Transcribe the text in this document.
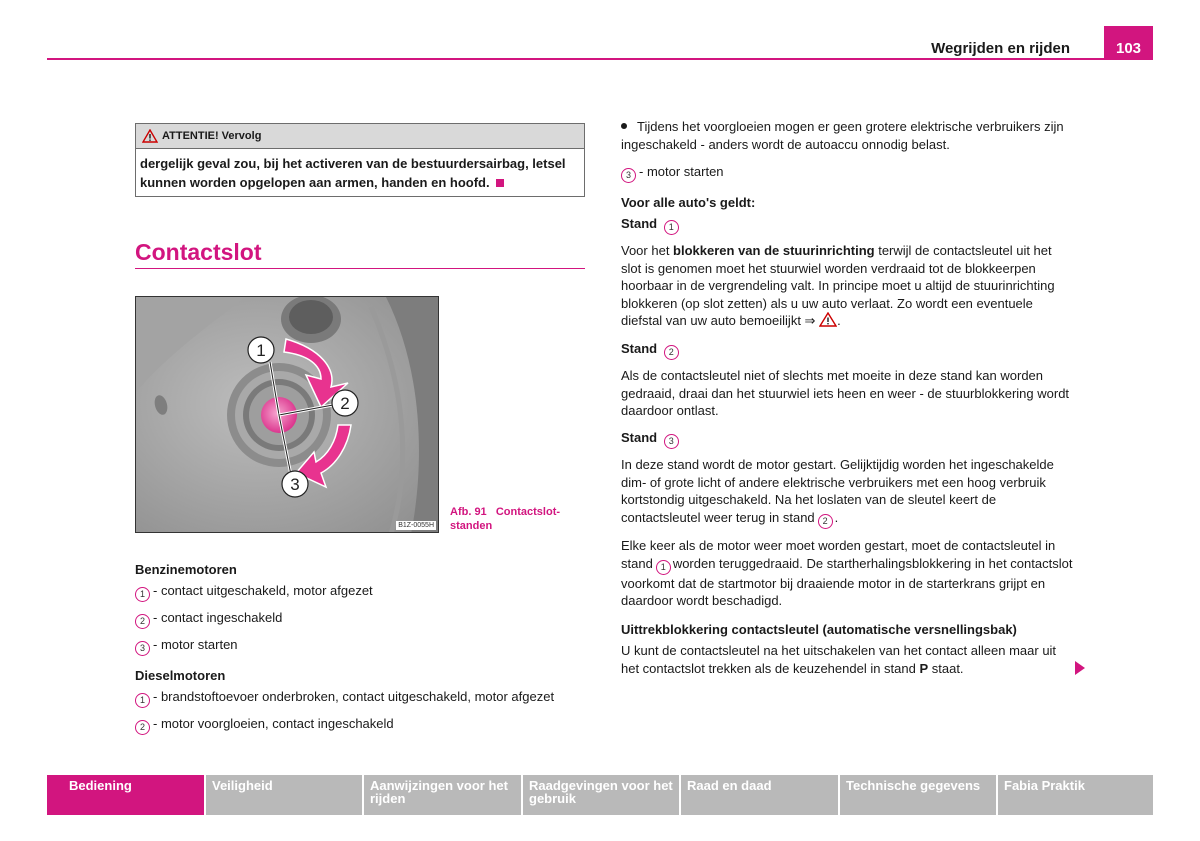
Wegrijden en rijden	103
ATTENTIE! Vervolg
dergelijk geval zou, bij het activeren van de bestuurdersairbag, letsel kunnen worden opgelopen aan armen, handen en hoofd.
Contactslot
1
2
3
B1Z-0055H
Afb. 91 Contactslot-standen
Benzinemotoren
1 - contact uitgeschakeld, motor afgezet
2 - contact ingeschakeld
3 - motor starten
Dieselmotoren
1 - brandstoftoevoer onderbroken, contact uitgeschakeld, motor afgezet
2 - motor voorgloeien, contact ingeschakeld
Tijdens het voorgloeien mogen er geen grotere elektrische verbruikers zijn ingeschakeld - anders wordt de autoaccu onnodig belast.
3 - motor starten
Voor alle auto's geldt:
Stand 1
Voor het blokkeren van de stuurinrichting terwijl de contactsleutel uit het slot is genomen moet het stuurwiel worden verdraaid tot de blokkeerpen hoorbaar in de vergrendeling valt. In principe moet u altijd de stuurinrichting blokkeren (op slot zetten) als u uw auto verlaat. Zo wordt een eventuele diefstal van uw auto bemoeilijkt ⇒ .
Stand 2
Als de contactsleutel niet of slechts met moeite in deze stand kan worden gedraaid, draai dan het stuurwiel iets heen en weer - de stuurblokkering wordt daardoor ontlast.
Stand 3
In deze stand wordt de motor gestart. Gelijktijdig worden het ingeschakelde dim- of grote licht of andere elektrische verbruikers met een hoog verbruik kortstondig uitgeschakeld. Na het loslaten van de sleutel keert de contactsleutel weer terug in stand 2 .
Elke keer als de motor weer moet worden gestart, moet de contactsleutel in stand 1 worden teruggedraaid. De startherhalingsblokkering in het contactslot voorkomt dat de startmotor bij draaiende motor in de starterkrans grijpt en daardoor wordt beschadigd.
Uittrekblokkering contactsleutel (automatische versnellingsbak)
U kunt de contactsleutel na het uitschakelen van het contact alleen maar uit het contactslot trekken als de keuzehendel in stand P staat.
Bediening	Veiligheid	Aanwijzingen voor het rijden
Raadgevingen voor het gebruik
Raad en daad	Technische gegevens	Fabia Praktik
